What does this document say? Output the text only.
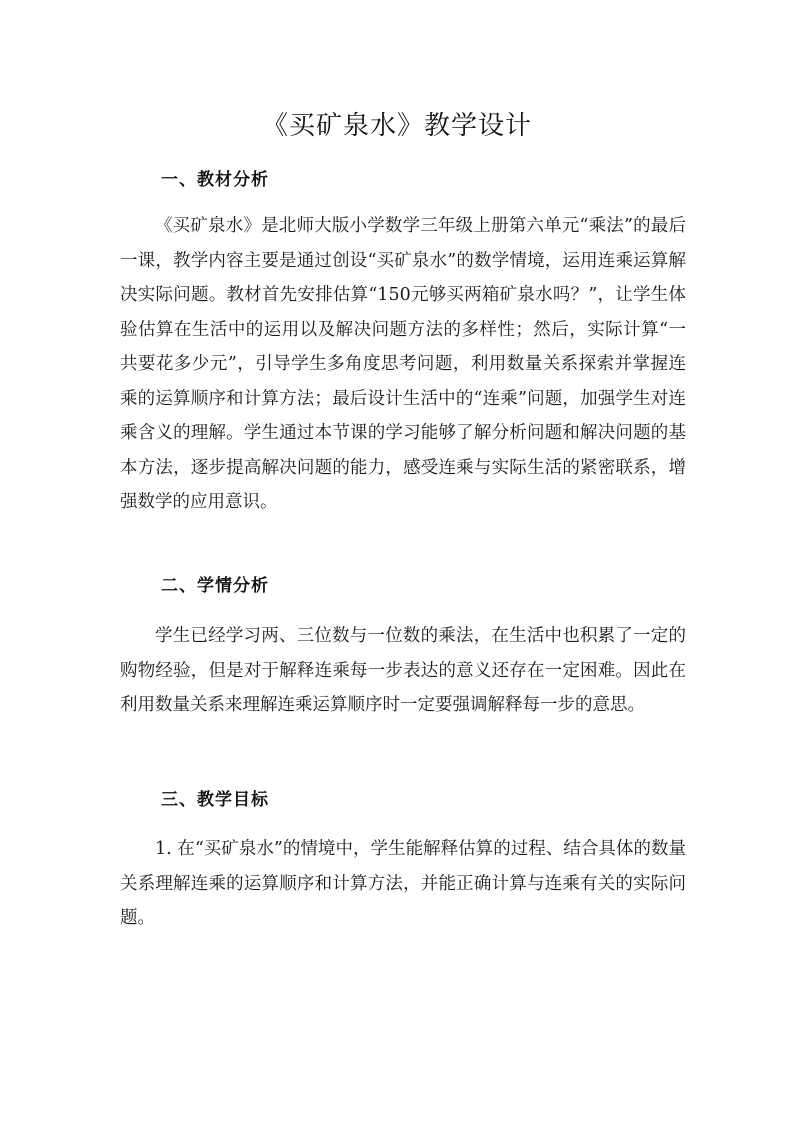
《买矿泉水》教学设计
一、教材分析

《买矿泉水》是北师大版小学数学三年级上册第六单元“乘法”的最后一课，教学内容主要是通过创设“买矿泉水”的数学情境，运用连乘运算解决实际问题。教材首先安排估算“150元够买两箱矿泉水吗？”，让学生体验估算在生活中的运用以及解决问题方法的多样性；然后，实际计算“一共要花多少元”，引导学生多角度思考问题，利用数量关系探索并掌握连乘的运算顺序和计算方法；最后设计生活中的“连乘”问题，加强学生对连乘含义的理解。学生通过本节课的学习能够了解分析问题和解决问题的基本方法，逐步提高解决问题的能力，感受连乘与实际生活的紧密联系，增强数学的应用意识。

二、学情分析

学生已经学习两、三位数与一位数的乘法，在生活中也积累了一定的购物经验，但是对于解释连乘每一步表达的意义还存在一定困难。因此在利用数量关系来理解连乘运算顺序时一定要强调解释每一步的意思。

三、教学目标

1. 在“买矿泉水”的情境中，学生能解释估算的过程、结合具体的数量关系理解连乘的运算顺序和计算方法，并能正确计算与连乘有关的实际问题。
